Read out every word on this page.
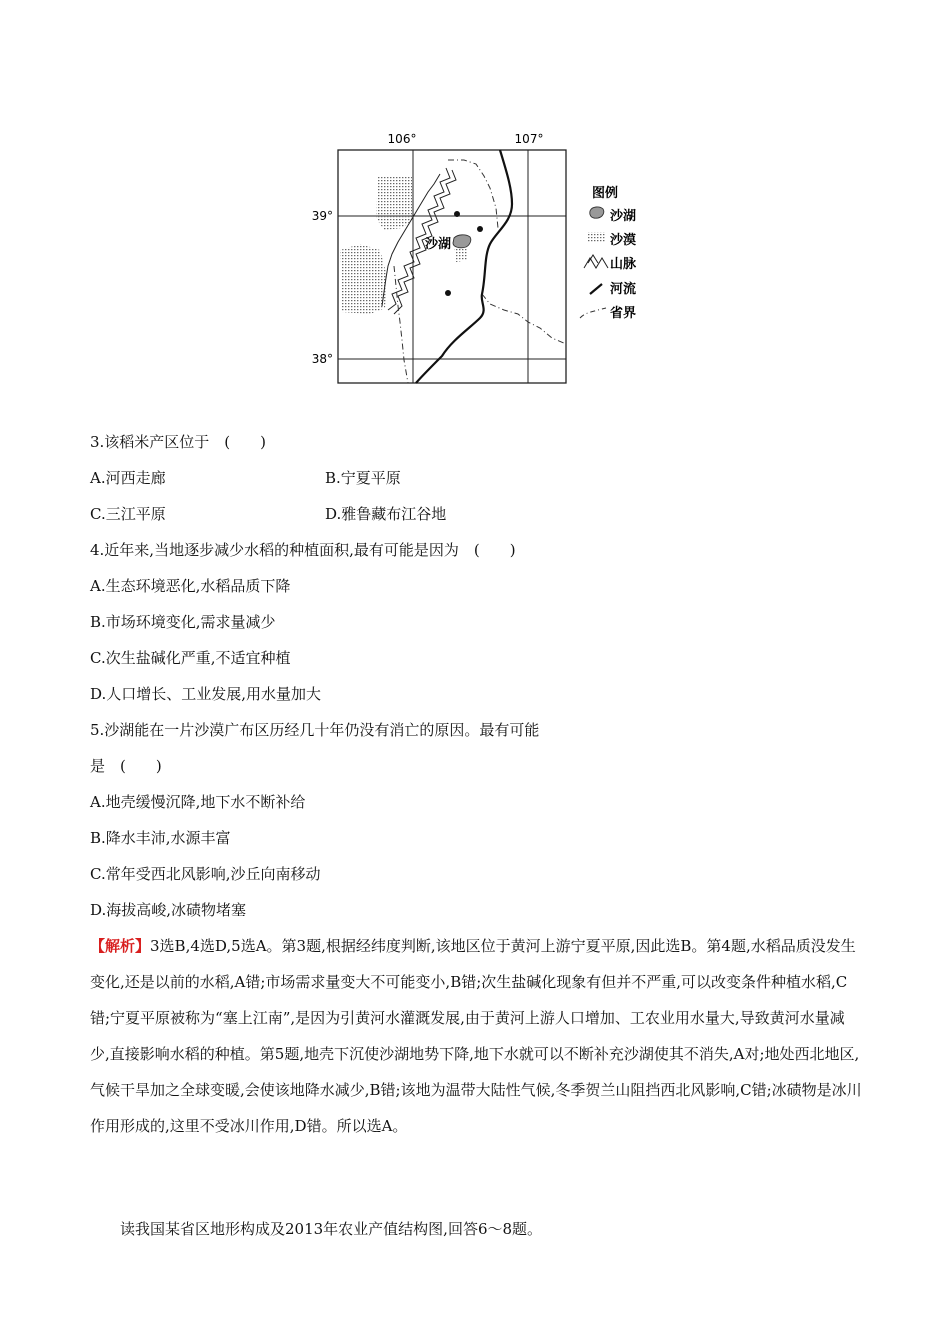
106°	107°
39°
38°
沙湖
图例
沙湖
沙漠
山脉
河流
省界
3.该稻米产区位于　(　　)
A.河西走廊	B.宁夏平原
C.三江平原	D.雅鲁藏布江谷地
4.近年来,当地逐步减少水稻的种植面积,最有可能是因为　(　　)
A.生态环境恶化,水稻品质下降
B.市场环境变化,需求量减少
C.次生盐碱化严重,不适宜种植
D.人口增长、工业发展,用水量加大
5.沙湖能在一片沙漠广布区历经几十年仍没有消亡的原因。最有可能
是　(　　)
A.地壳缓慢沉降,地下水不断补给
B.降水丰沛,水源丰富
C.常年受西北风影响,沙丘向南移动
D.海拔高峻,冰碛物堵塞
【解析】3选B,4选D,5选A。第3题,根据经纬度判断,该地区位于黄河上游宁夏平原,因此选B。第4题,水稻品质没发生变化,还是以前的水稻,A错;市场需求量变大不可能变小,B错;次生盐碱化现象有但并不严重,可以改变条件种植水稻,C错;宁夏平原被称为“塞上江南”,是因为引黄河水灌溉发展,由于黄河上游人口增加、工农业用水量大,导致黄河水量减少,直接影响水稻的种植。第5题,地壳下沉使沙湖地势下降,地下水就可以不断补充沙湖使其不消失,A对;地处西北地区,气候干旱加之全球变暖,会使该地降水减少,B错;该地为温带大陆性气候,冬季贺兰山阻挡西北风影响,C错;冰碛物是冰川作用形成的,这里不受冰川作用,D错。所以选A。
读我国某省区地形构成及2013年农业产值结构图,回答6～8题。
